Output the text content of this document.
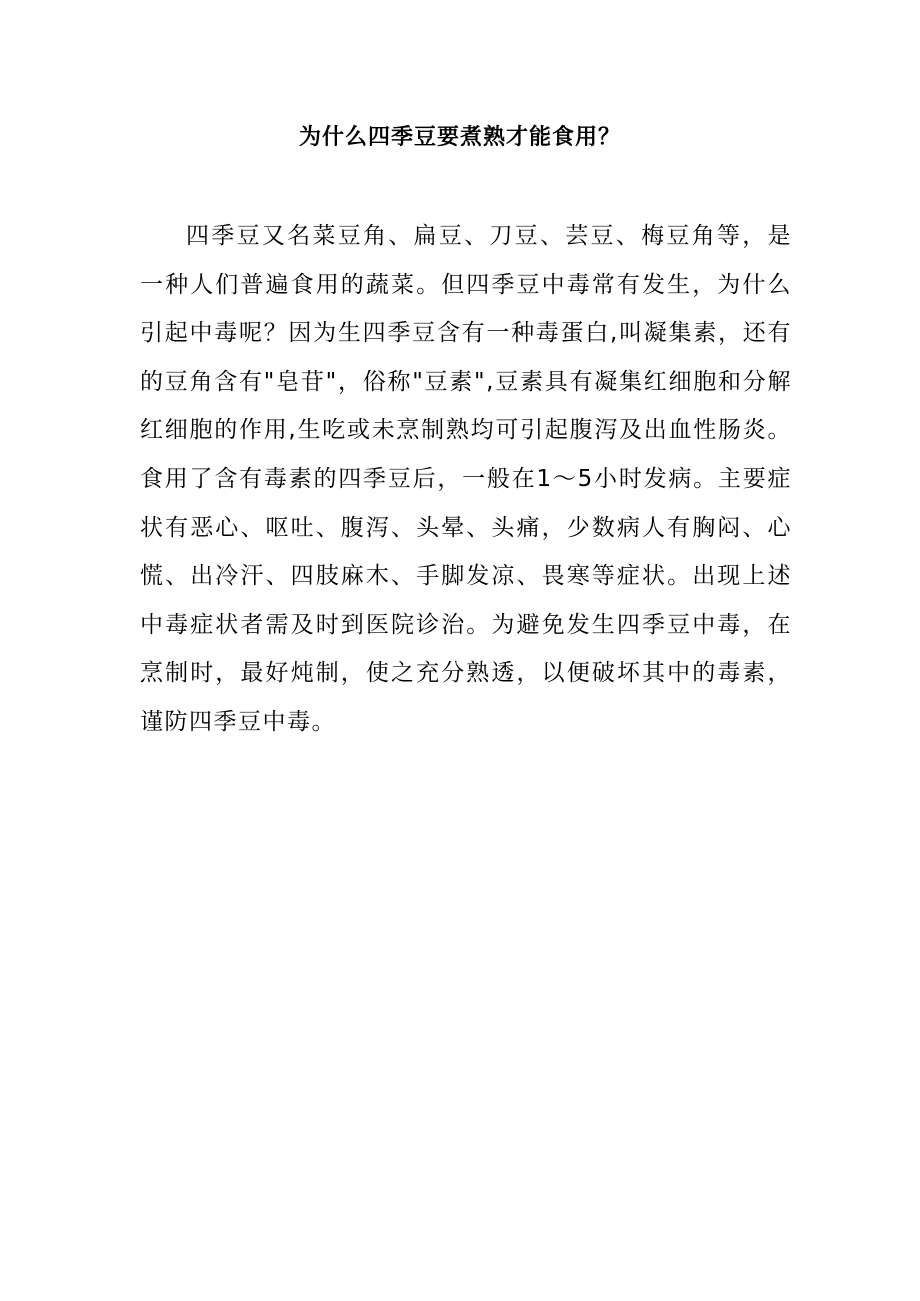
为什么四季豆要煮熟才能食用？

四季豆又名菜豆角、扁豆、刀豆、芸豆、梅豆角等，是一种人们普遍食用的蔬菜。但四季豆中毒常有发生，为什么引起中毒呢？因为生四季豆含有一种毒蛋白,叫凝集素，还有的豆角含有"皂苷"，俗称"豆素",豆素具有凝集红细胞和分解红细胞的作用,生吃或未烹制熟均可引起腹泻及出血性肠炎。食用了含有毒素的四季豆后，一般在1～5小时发病。主要症状有恶心、呕吐、腹泻、头晕、头痛，少数病人有胸闷、心慌、出冷汗、四肢麻木、手脚发凉、畏寒等症状。出现上述中毒症状者需及时到医院诊治。为避免发生四季豆中毒，在烹制时，最好炖制，使之充分熟透，以便破坏其中的毒素，谨防四季豆中毒。
